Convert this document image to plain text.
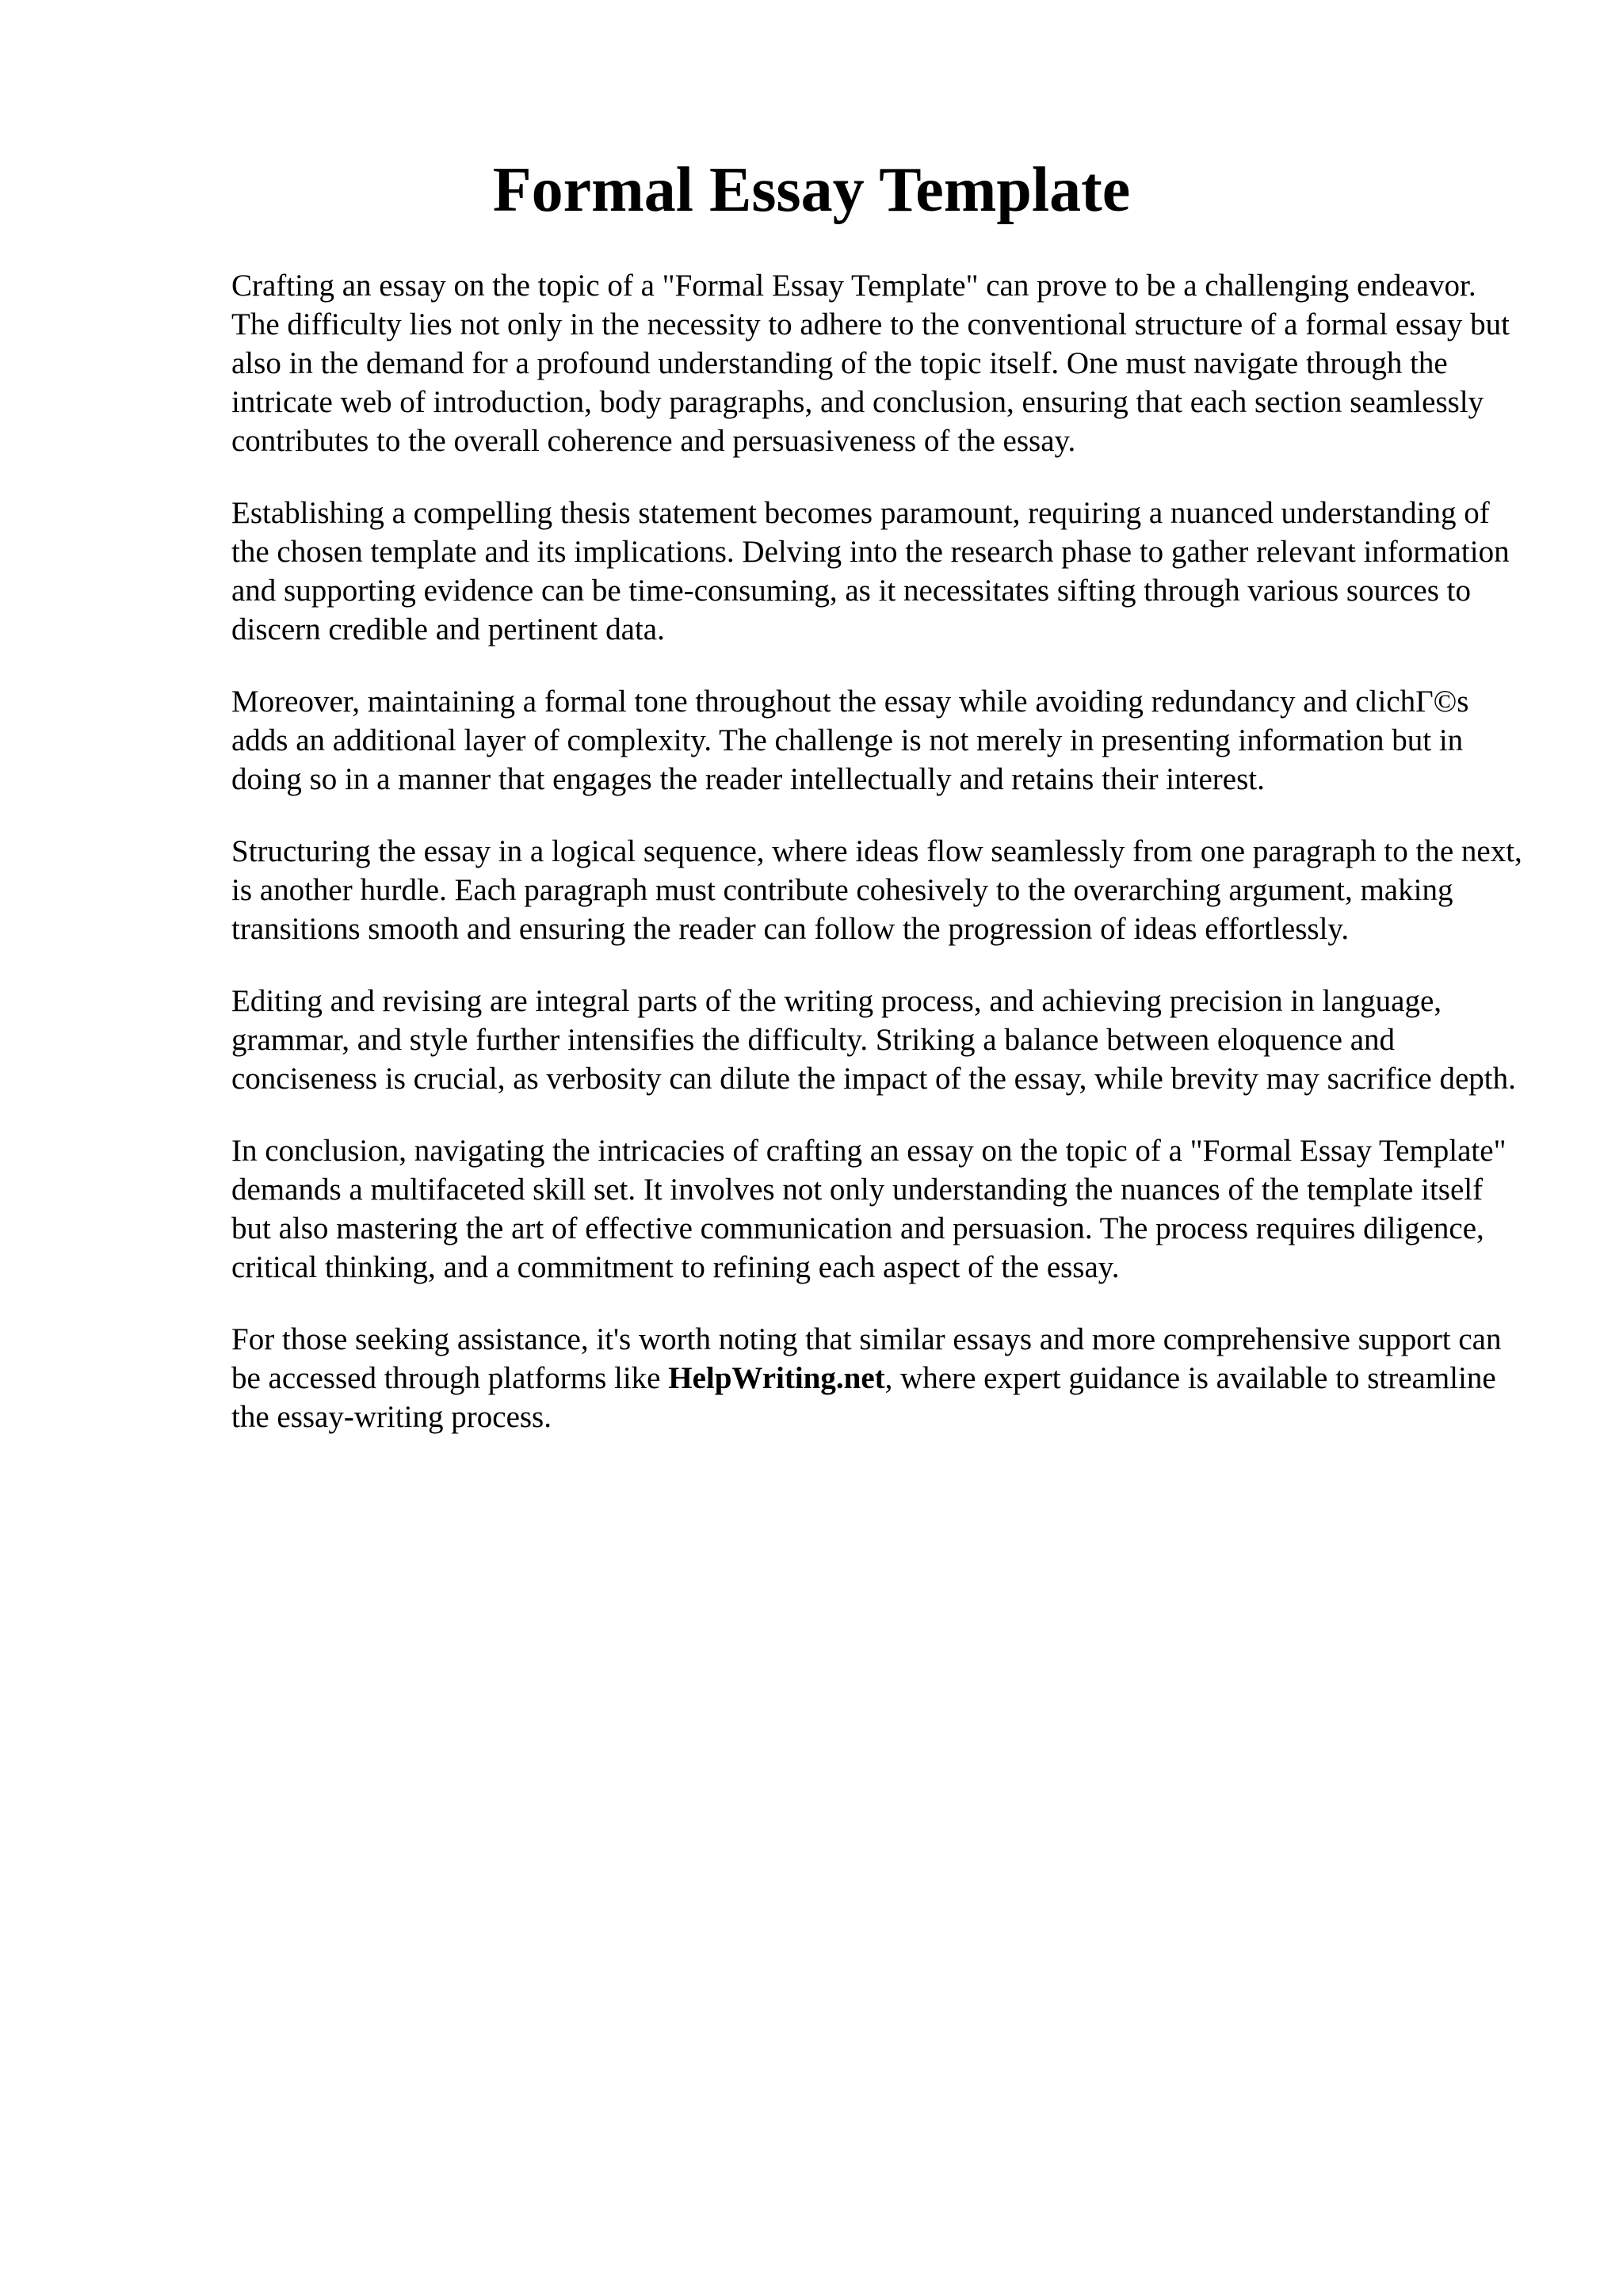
Formal Essay Template

Crafting an essay on the topic of a "Formal Essay Template" can prove to be a challenging endeavor. The difficulty lies not only in the necessity to adhere to the conventional structure of a formal essay but also in the demand for a profound understanding of the topic itself. One must navigate through the intricate web of introduction, body paragraphs, and conclusion, ensuring that each section seamlessly contributes to the overall coherence and persuasiveness of the essay.

Establishing a compelling thesis statement becomes paramount, requiring a nuanced understanding of the chosen template and its implications. Delving into the research phase to gather relevant information and supporting evidence can be time-consuming, as it necessitates sifting through various sources to discern credible and pertinent data.

Moreover, maintaining a formal tone throughout the essay while avoiding redundancy and clichΓ©s adds an additional layer of complexity. The challenge is not merely in presenting information but in doing so in a manner that engages the reader intellectually and retains their interest.

Structuring the essay in a logical sequence, where ideas flow seamlessly from one paragraph to the next, is another hurdle. Each paragraph must contribute cohesively to the overarching argument, making transitions smooth and ensuring the reader can follow the progression of ideas effortlessly.

Editing and revising are integral parts of the writing process, and achieving precision in language, grammar, and style further intensifies the difficulty. Striking a balance between eloquence and conciseness is crucial, as verbosity can dilute the impact of the essay, while brevity may sacrifice depth.

In conclusion, navigating the intricacies of crafting an essay on the topic of a "Formal Essay Template" demands a multifaceted skill set. It involves not only understanding the nuances of the template itself but also mastering the art of effective communication and persuasion. The process requires diligence, critical thinking, and a commitment to refining each aspect of the essay.

For those seeking assistance, it's worth noting that similar essays and more comprehensive support can be accessed through platforms like HelpWriting.net, where expert guidance is available to streamline the essay-writing process.
